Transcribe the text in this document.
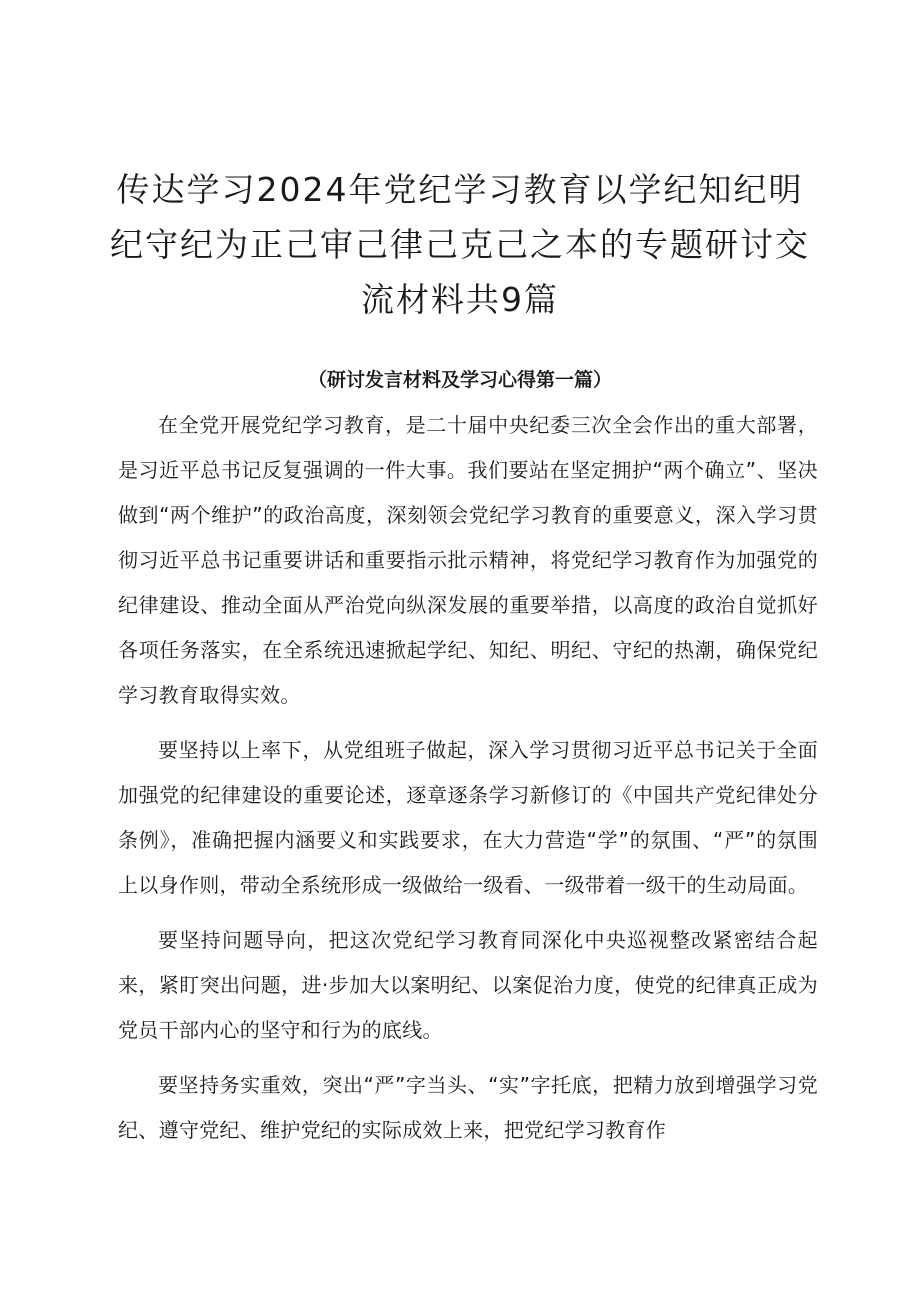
传达学习2024年党纪学习教育以学纪知纪明纪守纪为正己审己律己克己之本的专题研讨交流材料共9篇
（研讨发言材料及学习心得第一篇）

在全党开展党纪学习教育，是二十届中央纪委三次全会作出的重大部署，是习近平总书记反复强调的一件大事。我们要站在坚定拥护“两个确立”、坚决做到“两个维护”的政治高度，深刻领会党纪学习教育的重要意义，深入学习贯彻习近平总书记重要讲话和重要指示批示精神，将党纪学习教育作为加强党的纪律建设、推动全面从严治党向纵深发展的重要举措，以高度的政治自觉抓好各项任务落实，在全系统迅速掀起学纪、知纪、明纪、守纪的热潮，确保党纪学习教育取得实效。

要坚持以上率下，从党组班子做起，深入学习贯彻习近平总书记关于全面加强党的纪律建设的重要论述，逐章逐条学习新修订的《中国共产党纪律处分条例》，准确把握内涵要义和实践要求，在大力营造“学”的氛围、“严”的氛围上以身作则，带动全系统形成一级做给一级看、一级带着一级干的生动局面。

要坚持问题导向，把这次党纪学习教育同深化中央巡视整改紧密结合起来，紧盯突出问题，进·步加大以案明纪、以案促治力度，使党的纪律真正成为党员干部内心的坚守和行为的底线。

要坚持务实重效，突出“严”字当头、“实”字托底，把精力放到增强学习党纪、遵守党纪、维护党纪的实际成效上来，把党纪学习教育作
